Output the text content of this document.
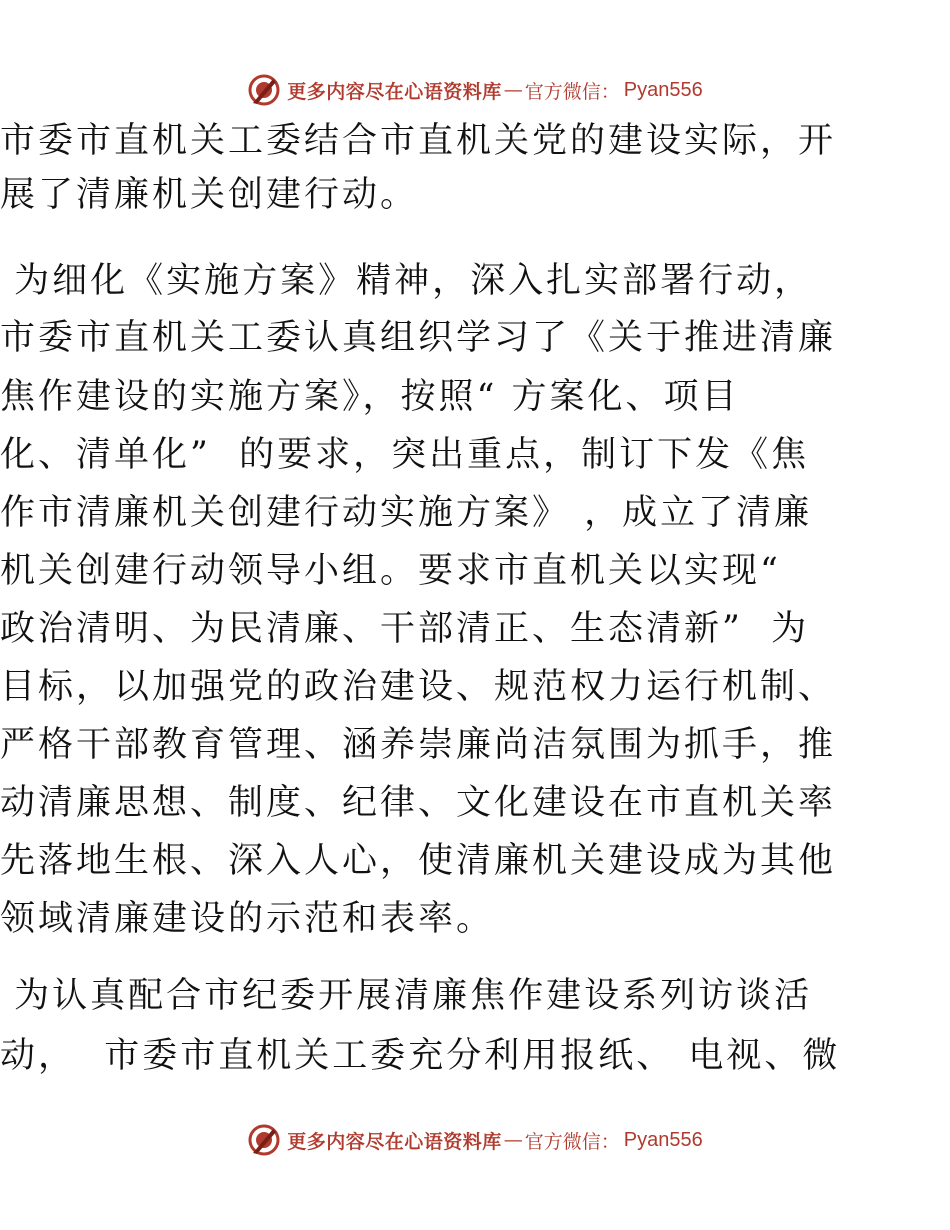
更多内容尽在心语资料库 — 官方微信： Pyan556
市委市直机关工委结合市直机关党的建设实际，开
展了清廉机关创建行动。
为细化《实施方案》精神，深入扎实部署行动，
市委市直机关工委认真组织学习了《关于推进清廉
焦作建设的实施方案》，按照“ 方案化、项目
化、清单化”  的要求，突出重点，制订下发《焦
作市清廉机关创建行动实施方案》 ，成立了清廉
机关创建行动领导小组。要求市直机关以实现“
政治清明、为民清廉、干部清正、生态清新”  为
目标，以加强党的政治建设、规范权力运行机制、
严格干部教育管理、涵养崇廉尚洁氛围为抓手，推
动清廉思想、制度、纪律、文化建设在市直机关率
先落地生根、深入人心，使清廉机关建设成为其他
领域清廉建设的示范和表率。
为认真配合市纪委开展清廉焦作建设系列访谈活
动，  市委市直机关工委充分利用报纸、 电视、微
更多内容尽在心语资料库 — 官方微信： Pyan556
